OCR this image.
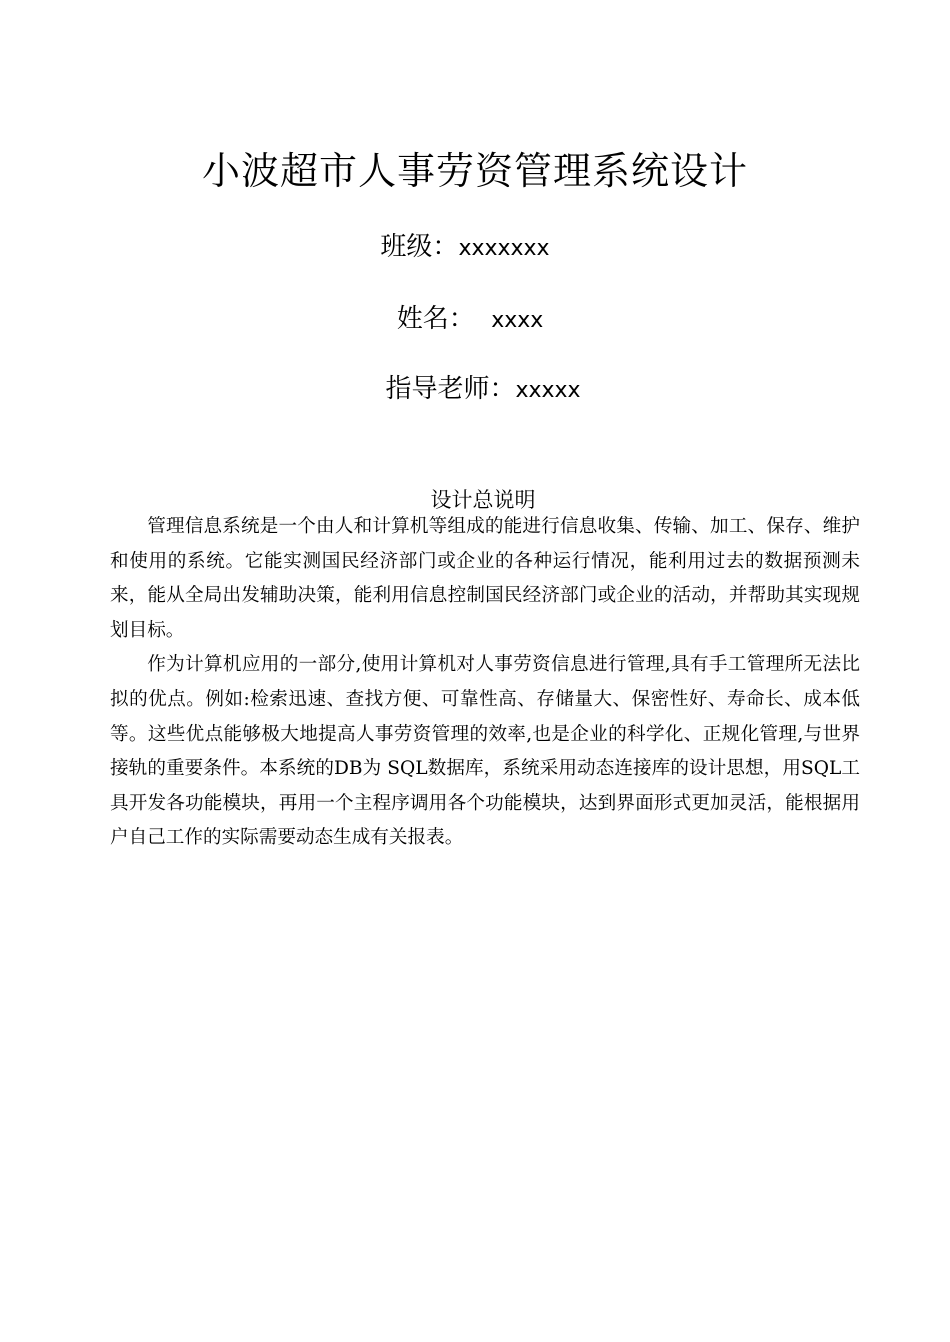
小波超市人事劳资管理系统设计
班级：xxxxxxx
姓名： xxxx
指导老师：xxxxx
设计总说明

管理信息系统是一个由人和计算机等组成的能进行信息收集、传输、加工、保存、维护和使用的系统。它能实测国民经济部门或企业的各种运行情况，能利用过去的数据预测未来，能从全局出发辅助决策，能利用信息控制国民经济部门或企业的活动，并帮助其实现规划目标。

作为计算机应用的一部分,使用计算机对人事劳资信息进行管理,具有手工管理所无法比拟的优点。例如:检索迅速、查找方便、可靠性高、存储量大、保密性好、寿命长、成本低等。这些优点能够极大地提高人事劳资管理的效率,也是企业的科学化、正规化管理,与世界接轨的重要条件。本系统的DB为 SQL数据库，系统采用动态连接库的设计思想，用SQL工具开发各功能模块，再用一个主程序调用各个功能模块，达到界面形式更加灵活，能根据用户自己工作的实际需要动态生成有关报表。
